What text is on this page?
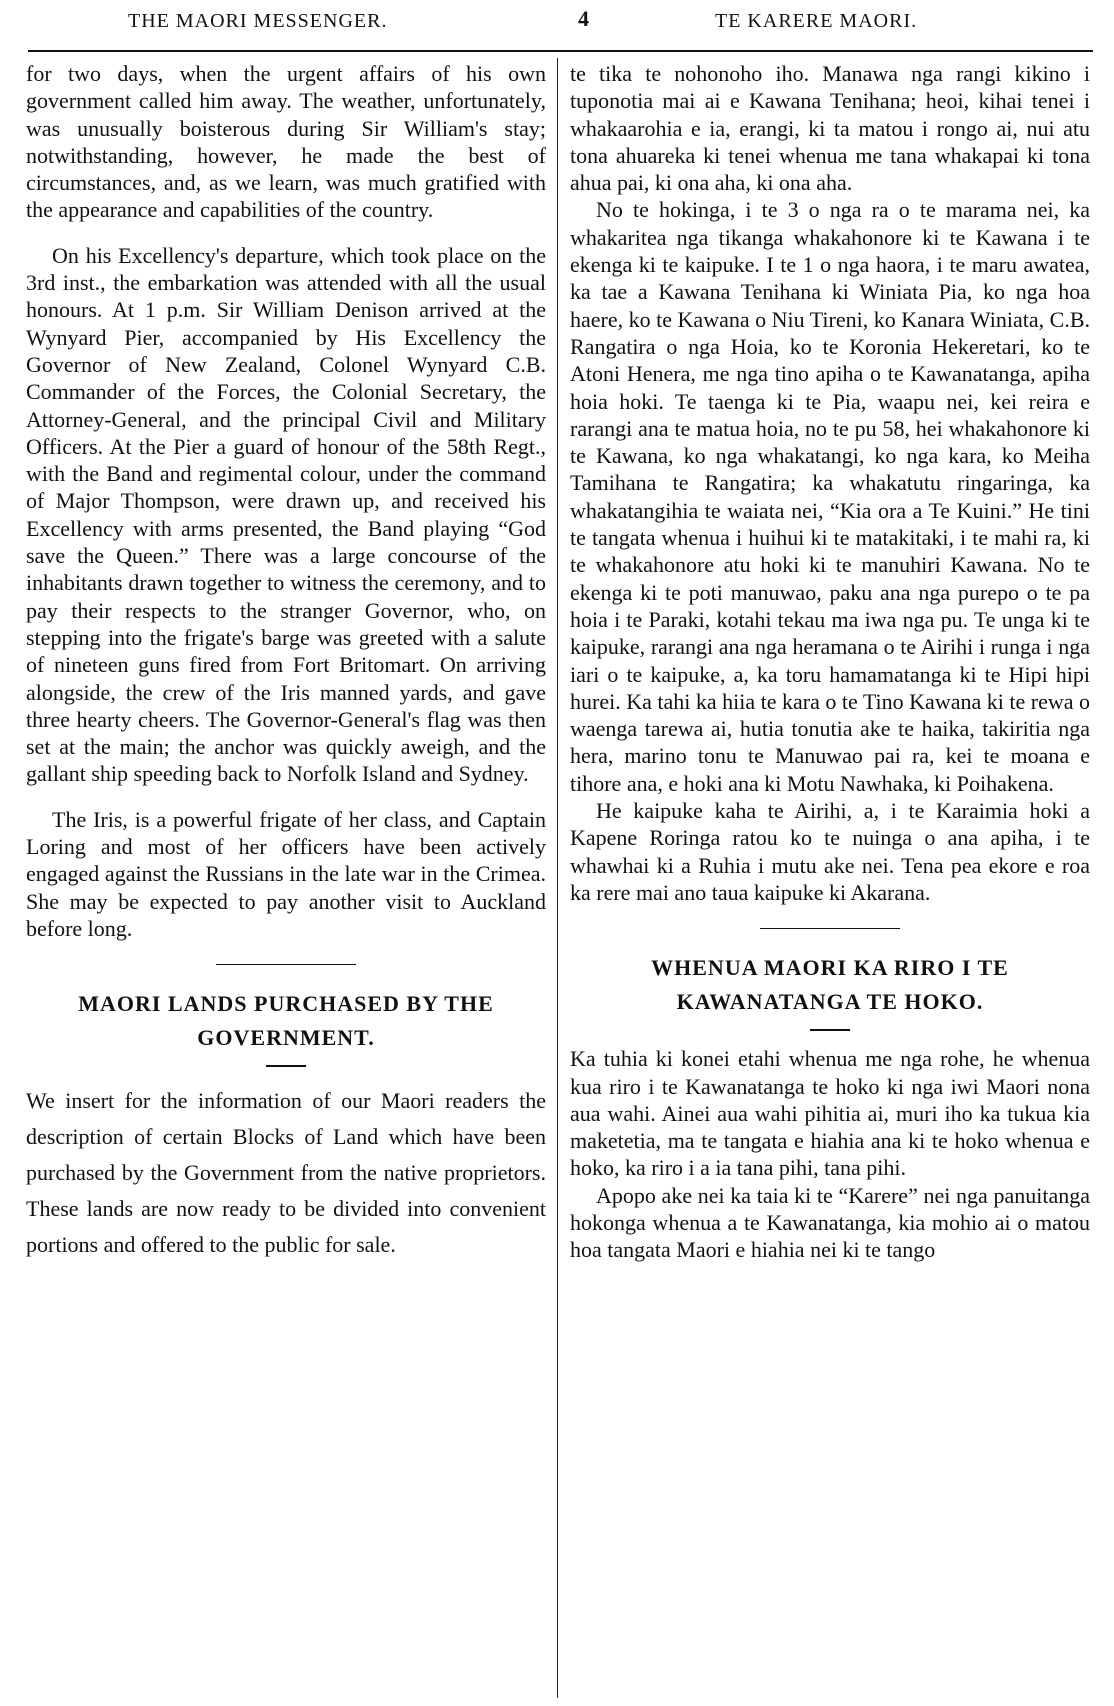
THE MAORI MESSENGER.	4	TE KARERE MAORI.

for two days, when the urgent affairs of his own government called him away. The weather, unfortunately, was unusually boisterous during Sir William's stay; notwithstanding, however, he made the best of circumstances, and, as we learn, was much gratified with the appearance and capabilities of the country.

On his Excellency's departure, which took place on the 3rd inst., the embarkation was attended with all the usual honours. At 1 p.m. Sir William Denison arrived at the Wynyard Pier, accompanied by His Excellency the Governor of New Zealand, Colonel Wynyard C.B. Commander of the Forces, the Colonial Secretary, the Attorney-General, and the principal Civil and Military Officers. At the Pier a guard of honour of the 58th Regt., with the Band and regimental colour, under the command of Major Thompson, were drawn up, and received his Excellency with arms presented, the Band playing “God save the Queen.” There was a large concourse of the inhabitants drawn together to witness the ceremony, and to pay their respects to the stranger Governor, who, on stepping into the frigate's barge was greeted with a salute of nineteen guns fired from Fort Britomart. On arriving alongside, the crew of the Iris manned yards, and gave three hearty cheers. The Governor-General's flag was then set at the main; the anchor was quickly aweigh, and the gallant ship speeding back to Norfolk Island and Sydney.

The Iris, is a powerful frigate of her class, and Captain Loring and most of her officers have been actively engaged against the Russians in the late war in the Crimea. She may be expected to pay another visit to Auckland before long.

MAORI LANDS PURCHASED BY THE GOVERNMENT.

We insert for the information of our Maori readers the description of certain Blocks of Land which have been purchased by the Government from the native proprietors. These lands are now ready to be divided into convenient portions and offered to the public for sale.

te tika te nohonoho iho. Manawa nga rangi kikino i tuponotia mai ai e Kawana Tenihana; heoi, kihai tenei i whakaarohia e ia, erangi, ki ta matou i rongo ai, nui atu tona ahuareka ki tenei whenua me tana whakapai ki tona ahua pai, ki ona aha, ki ona aha.

No te hokinga, i te 3 o nga ra o te marama nei, ka whakaritea nga tikanga whakahonore ki te Kawana i te ekenga ki te kaipuke. I te 1 o nga haora, i te maru awatea, ka tae a Kawana Tenihana ki Winiata Pia, ko nga hoa haere, ko te Kawana o Niu Tireni, ko Kanara Winiata, C.B. Rangatira o nga Hoia, ko te Koronia Hekeretari, ko te Atoni Henera, me nga tino apiha o te Kawanatanga, apiha hoia hoki. Te taenga ki te Pia, waapu nei, kei reira e rarangi ana te matua hoia, no te pu 58, hei whakahonore ki te Kawana, ko nga whakatangi, ko nga kara, ko Meiha Tamihana te Rangatira; ka whakatutu ringaringa, ka whakatangihia te waiata nei, “Kia ora a Te Kuini.” He tini te tangata whenua i huihui ki te matakitaki, i te mahi ra, ki te whakahonore atu hoki ki te manuhiri Kawana. No te ekenga ki te poti manuwao, paku ana nga purepo o te pa hoia i te Paraki, kotahi tekau ma iwa nga pu. Te unga ki te kaipuke, rarangi ana nga heramana o te Airihi i runga i nga iari o te kaipuke, a, ka toru hamamatanga ki te Hipi hipi hurei. Ka tahi ka hiia te kara o te Tino Kawana ki te rewa o waenga tarewa ai, hutia tonutia ake te haika, takiritia nga hera, marino tonu te Manuwao pai ra, kei te moana e tihore ana, e hoki ana ki Motu Nawhaka, ki Poihakena.

He kaipuke kaha te Airihi, a, i te Karaimia hoki a Kapene Roringa ratou ko te nuinga o ana apiha, i te whawhai ki a Ruhia i mutu ake nei. Tena pea ekore e roa ka rere mai ano taua kaipuke ki Akarana.

WHENUA MAORI KA RIRO I TE KAWANATANGA TE HOKO.

Ka tuhia ki konei etahi whenua me nga rohe, he whenua kua riro i te Kawanatanga te hoko ki nga iwi Maori nona aua wahi. Ainei aua wahi pihitia ai, muri iho ka tukua kia maketetia, ma te tangata e hiahia ana ki te hoko whenua e hoko, ka riro i a ia tana pihi, tana pihi.

Apopo ake nei ka taia ki te “Karere” nei nga panuitanga hokonga whenua a te Kawanatanga, kia mohio ai o matou hoa tangata Maori e hiahia nei ki te tango
